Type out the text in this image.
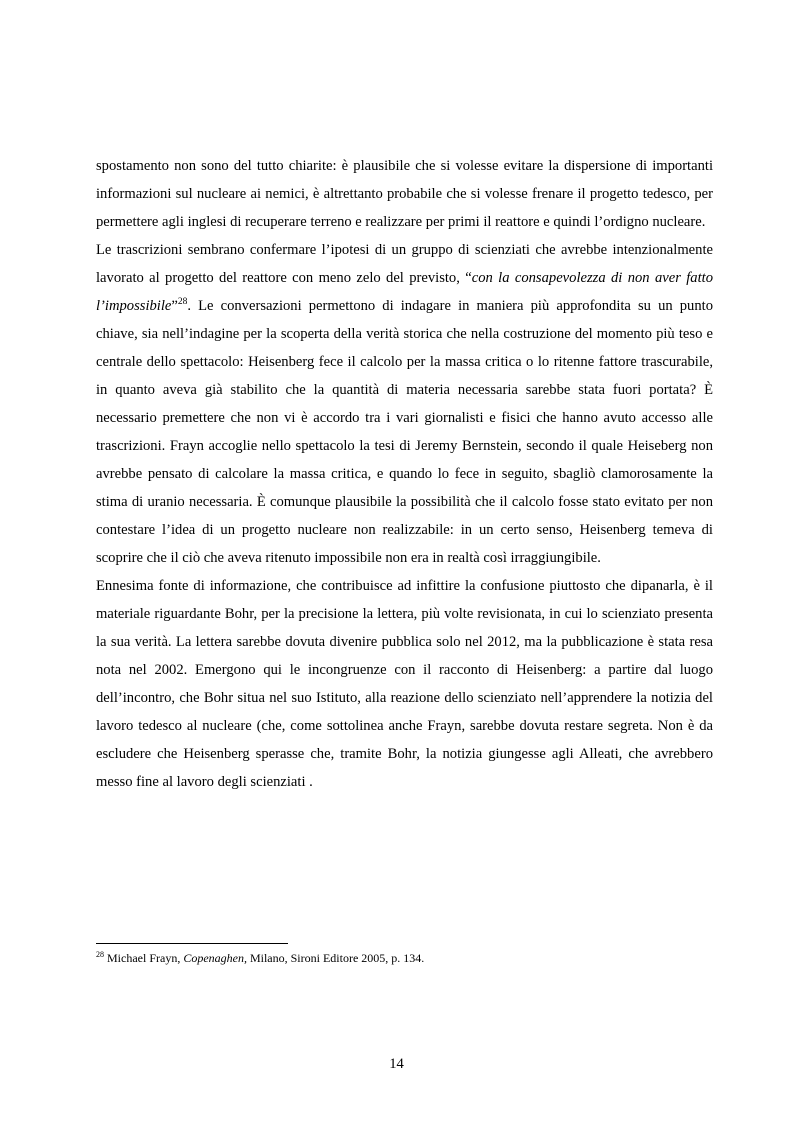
spostamento non sono del tutto chiarite: è plausibile che si volesse evitare la dispersione di importanti informazioni sul nucleare ai nemici, è altrettanto probabile che si volesse frenare il progetto tedesco, per permettere agli inglesi di recuperare terreno e realizzare per primi il reattore e quindi l’ordigno nucleare.

Le trascrizioni sembrano confermare l’ipotesi di un gruppo di scienziati che avrebbe intenzionalmente lavorato al progetto del reattore con meno zelo del previsto, “con la consapevolezza di non aver fatto l’impossibile”$^{28}$. Le conversazioni permettono di indagare in maniera più approfondita su un punto chiave, sia nell’indagine per la scoperta della verità storica che nella costruzione del momento più teso e centrale dello spettacolo: Heisenberg fece il calcolo per la massa critica o lo ritenne fattore trascurabile, in quanto aveva già stabilito che la quantità di materia necessaria sarebbe stata fuori portata? È necessario premettere che non vi è accordo tra i vari giornalisti e fisici che hanno avuto accesso alle trascrizioni. Frayn accoglie nello spettacolo la tesi di Jeremy Bernstein, secondo il quale Heiseberg non avrebbe pensato di calcolare la massa critica, e quando lo fece in seguito, sbagliò clamorosamente la stima di uranio necessaria. È comunque plausibile la possibilità che il calcolo fosse stato evitato per non contestare l’idea di un progetto nucleare non realizzabile: in un certo senso, Heisenberg temeva di scoprire che il ciò che aveva ritenuto impossibile non era in realtà così irraggiungibile.

Ennesima fonte di informazione, che contribuisce ad infittire la confusione piuttosto che dipanarla, è il materiale riguardante Bohr, per la precisione la lettera, più volte revisionata, in cui lo scienziato presenta la sua verità. La lettera sarebbe dovuta divenire pubblica solo nel 2012, ma la pubblicazione è stata resa nota nel 2002. Emergono qui le incongruenze con il racconto di Heisenberg: a partire dal luogo dell’incontro, che Bohr situa nel suo Istituto, alla reazione dello scienziato nell’apprendere la notizia del lavoro tedesco al nucleare (che, come sottolinea anche Frayn, sarebbe dovuta restare segreta. Non è da escludere che Heisenberg sperasse che, tramite Bohr, la notizia giungesse agli Alleati, che avrebbero messo fine al lavoro degli scienziati .

$^{28}$ Michael Frayn, Copenaghen, Milano, Sironi Editore 2005, p. 134.
14
